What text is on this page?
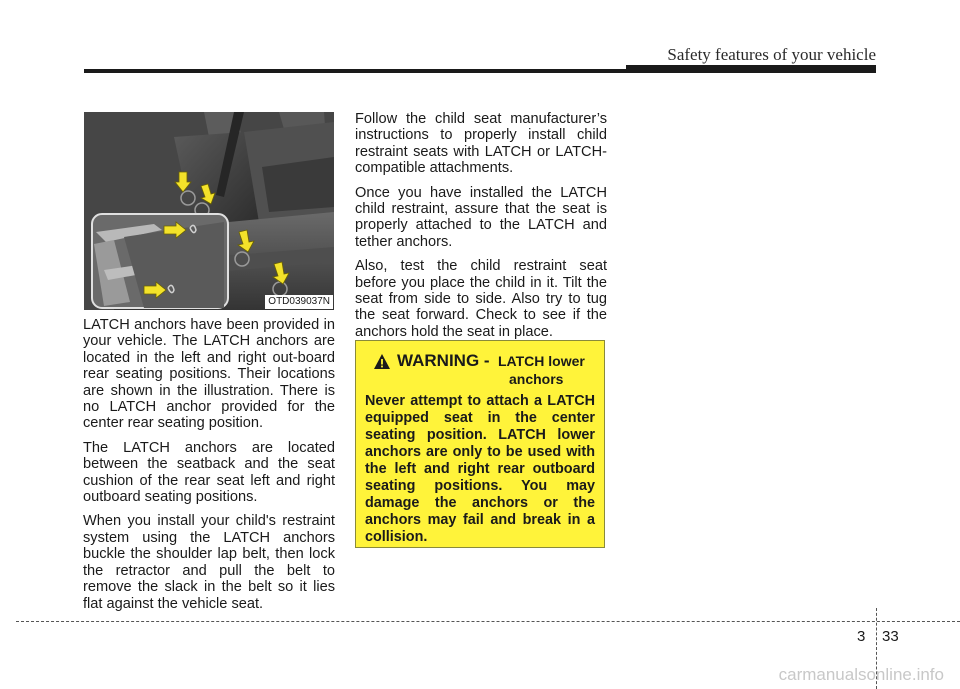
Safety features of your vehicle
OTD039037N

LATCH anchors have been provided in your vehicle. The LATCH anchors are located in the left and right out-board rear seating positions. Their locations are shown in the illustration. There is no LATCH anchor provided for the center rear seating position.

The LATCH anchors are located between the seatback and the seat cushion of the rear seat left and right outboard seating positions.

When you install your child's restraint system using the LATCH anchors buckle the shoulder lap belt, then lock the retractor and pull the belt to remove the slack in the belt so it lies flat against the vehicle seat.

Follow the child seat manufacturer’s instructions to properly install child restraint seats with LATCH or LATCH-compatible attachments.

Once you have installed the LATCH child restraint, assure that the seat is properly attached to the LATCH and tether anchors.

Also, test the child restraint seat before you place the child in it. Tilt the seat from side to side. Also try to tug the seat forward. Check to see if the anchors hold the seat in place.

WARNING - LATCH lower
anchors
Never attempt to attach a LATCH equipped seat in the center seating position. LATCH lower anchors are only to be used with the left and right rear outboard seating positions. You may damage the anchors or the anchors may fail and break in a collision.
3 33
carmanualsonline.info
